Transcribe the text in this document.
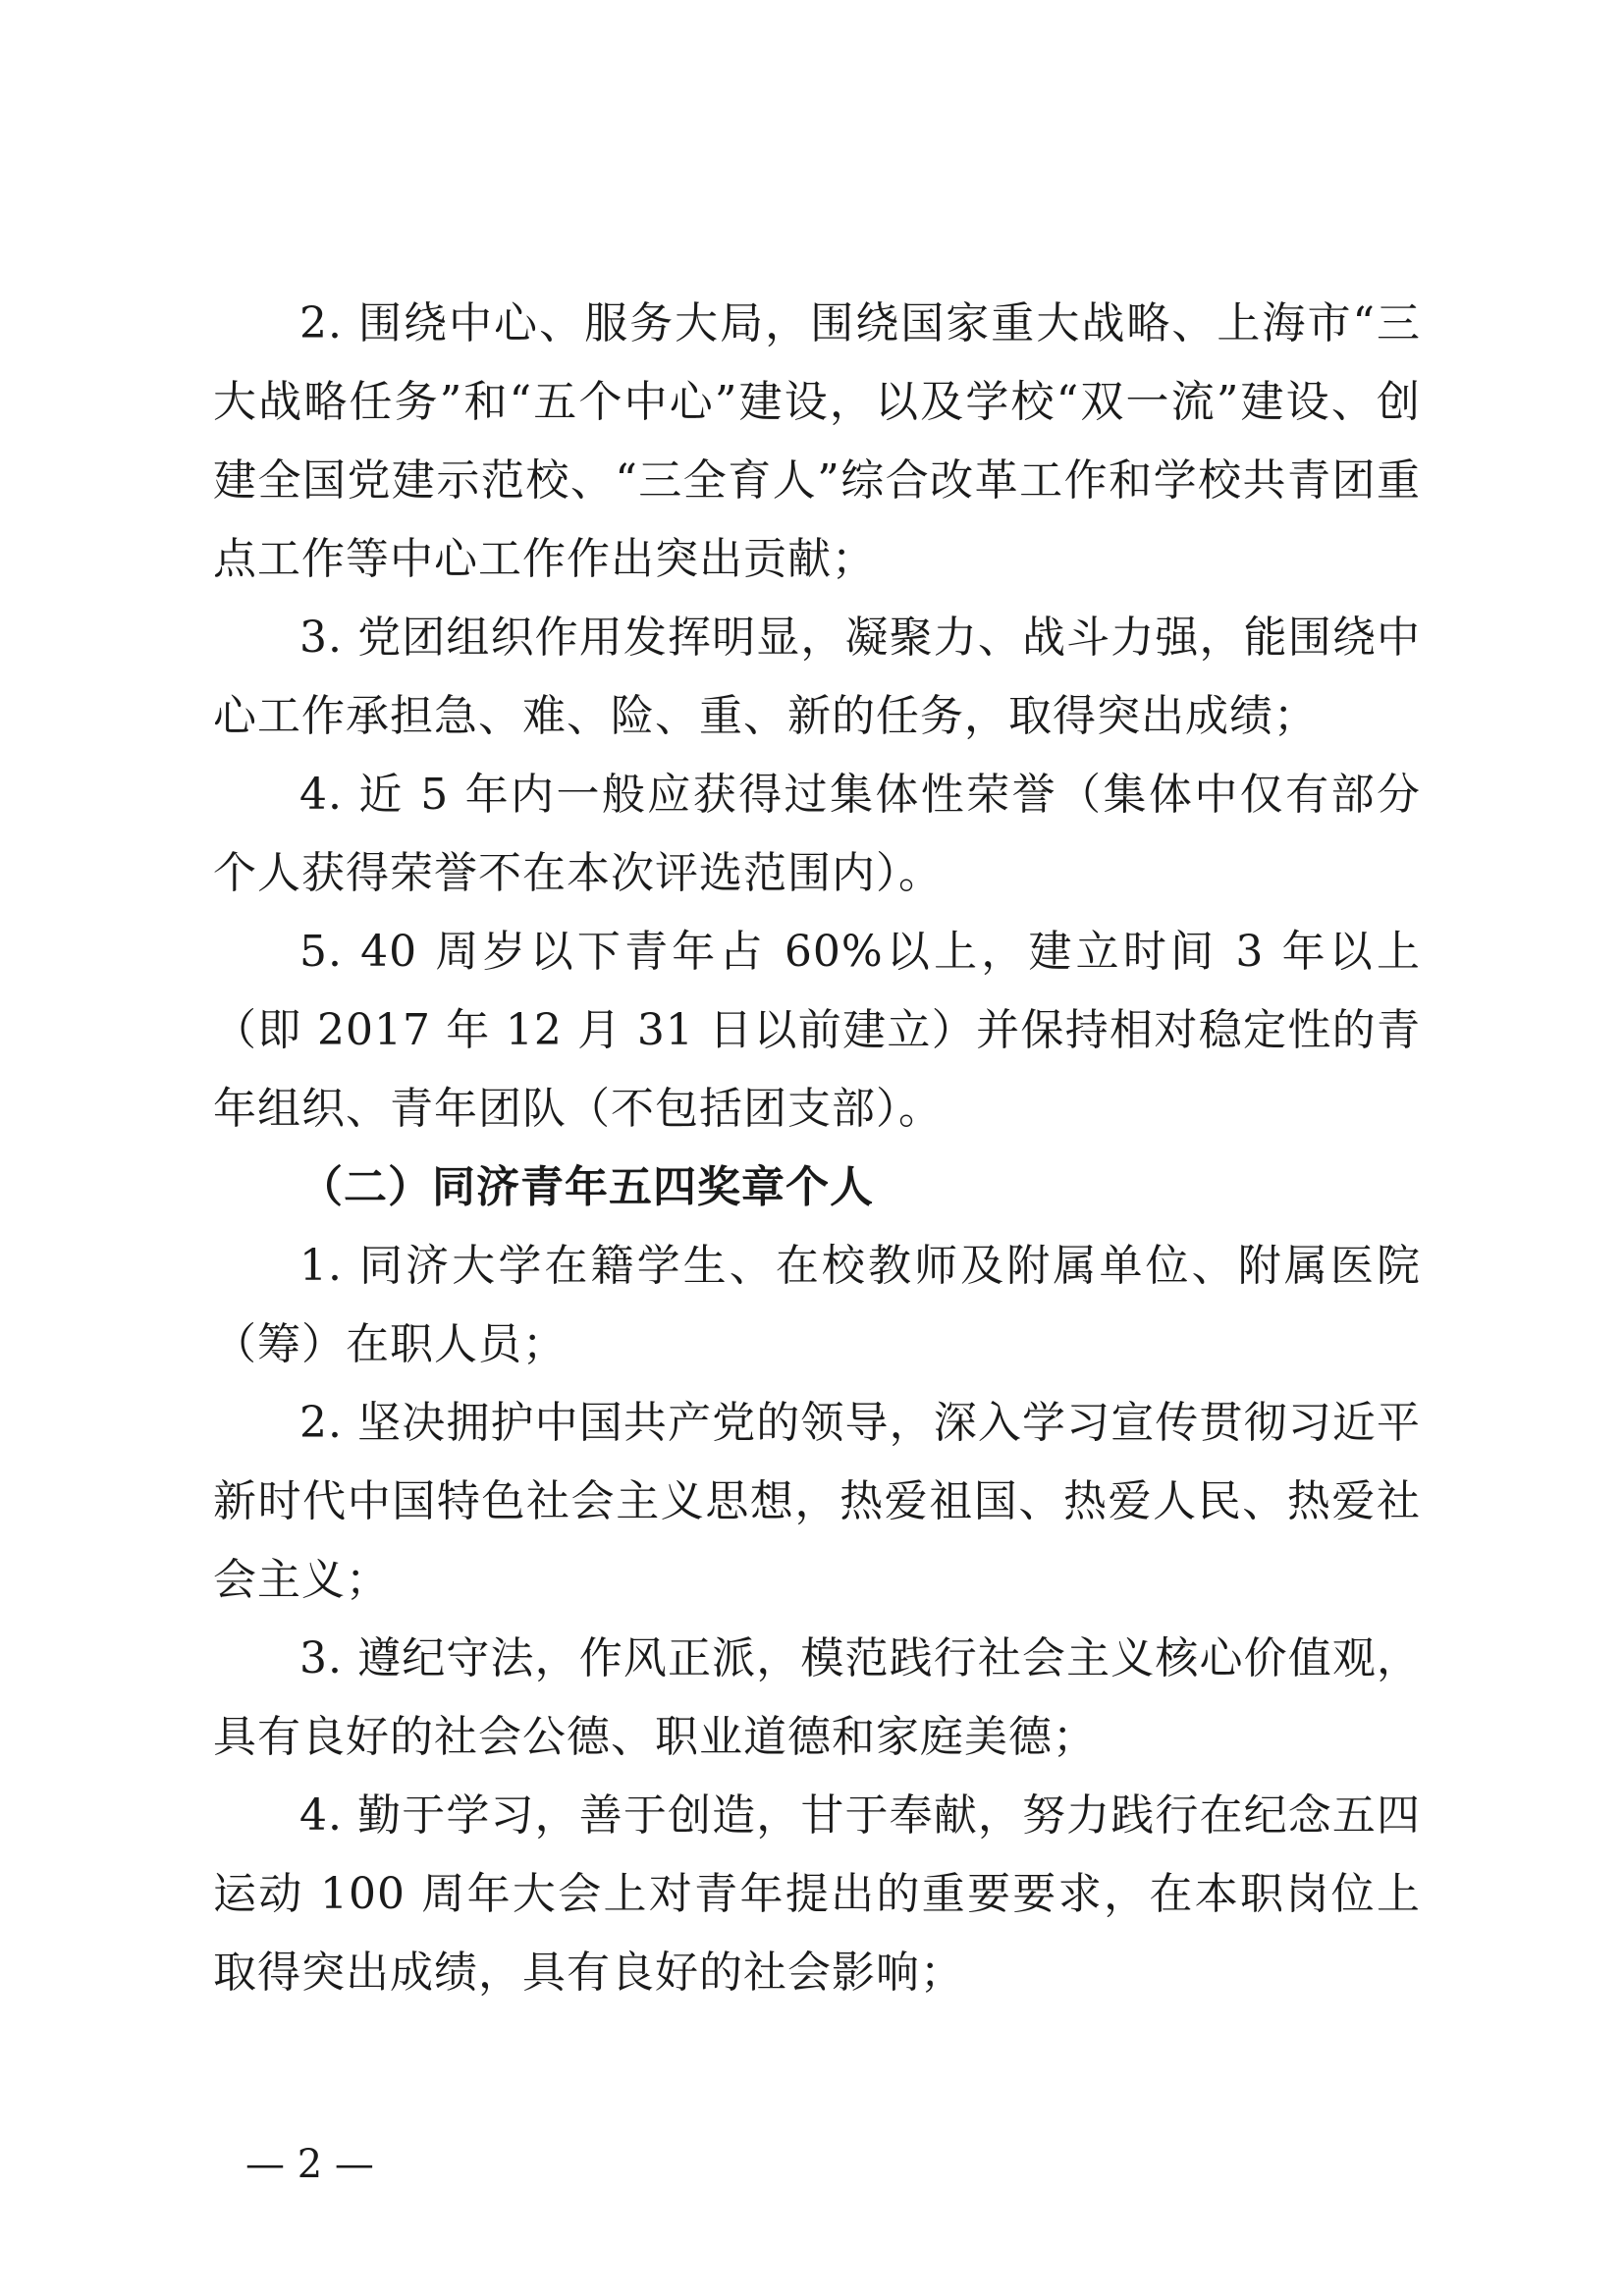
2. 围绕中心、服务大局，围绕国家重大战略、上海市“三大战略任务”和“五个中心”建设，以及学校“双一流”建设、创建全国党建示范校、“三全育人”综合改革工作和学校共青团重点工作等中心工作作出突出贡献；

3. 党团组织作用发挥明显，凝聚力、战斗力强，能围绕中心工作承担急、难、险、重、新的任务，取得突出成绩；

4. 近 5 年内一般应获得过集体性荣誉（集体中仅有部分个人获得荣誉不在本次评选范围内）。

5. 40 周岁以下青年占 60%以上，建立时间 3 年以上 （即 2017 年 12 月 31 日以前建立）并保持相对稳定性的青年组织、青年团队（不包括团支部）。

（二）同济青年五四奖章个人

1. 同济大学在籍学生、在校教师及附属单位、附属医院（筹）在职人员；

2. 坚决拥护中国共产党的领导，深入学习宣传贯彻习近平新时代中国特色社会主义思想，热爱祖国、热爱人民、热爱社会主义；

3. 遵纪守法，作风正派，模范践行社会主义核心价值观，具有良好的社会公德、职业道德和家庭美德；

4. 勤于学习，善于创造，甘于奉献，努力践行在纪念五四运动 100 周年大会上对青年提出的重要要求，在本职岗位上取得突出成绩，具有良好的社会影响；

— 2 —
